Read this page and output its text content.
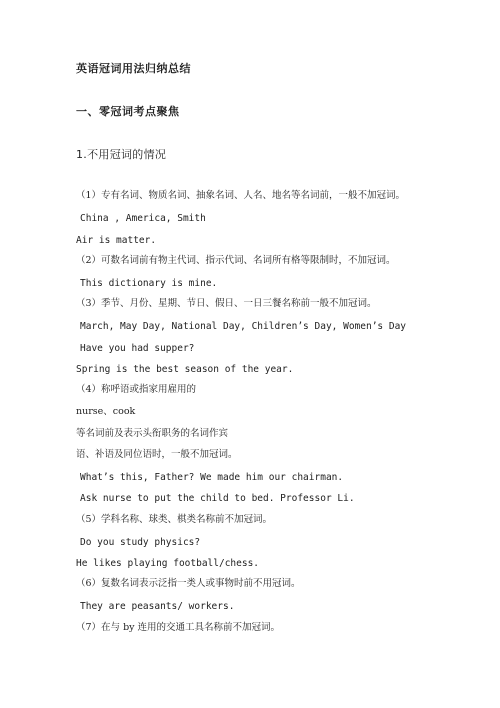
英语冠词用法归纳总结
一、零冠词考点聚焦
1.不用冠词的情况
（1）专有名词、物质名词、抽象名词、人名、地名等名词前，一般不加冠词。
China , America, Smith
Air is matter.
（2）可数名词前有物主代词、指示代词、名词所有格等限制时，不加冠词。
This dictionary is mine.
（3）季节、月份、星期、节日、假日、一日三餐名称前一般不加冠词。
March, May Day, National Day, Children’s Day, Women’s Day
Have you had supper?
Spring is the best season of the year.
（4）称呼语或指家用雇用的
nurse、cook
等名词前及表示头衔职务的名词作宾
语、补语及同位语时，一般不加冠词。
What’s this, Father? We made him our chairman.
Ask nurse to put the child to bed. Professor Li.
（5）学科名称、球类、棋类名称前不加冠词。
Do you study physics?
He likes playing football/chess.
（6）复数名词表示泛指一类人或事物时前不用冠词。
They are peasants/ workers.
（7）在与 by 连用的交通工具名称前不加冠词。
